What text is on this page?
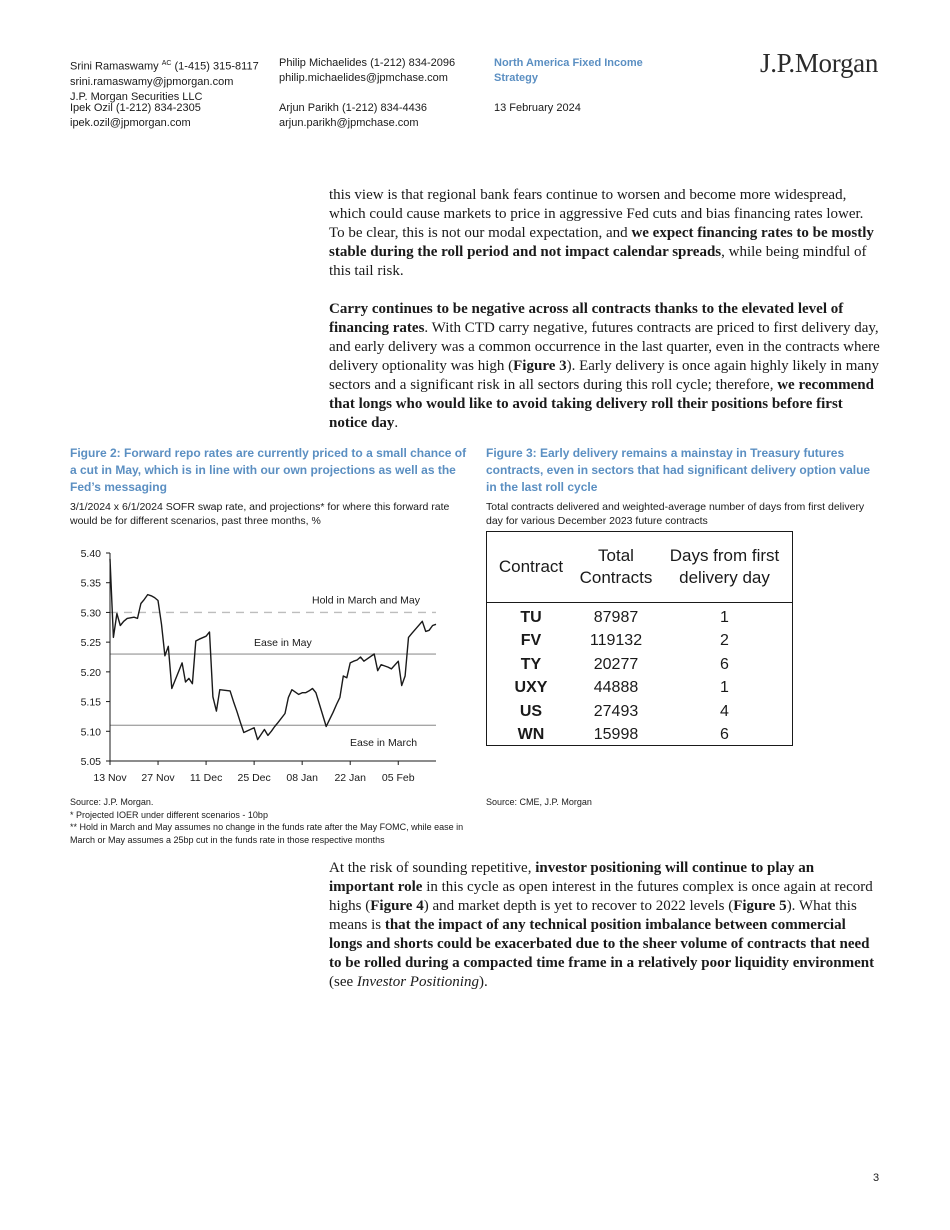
Srini Ramaswamy $^{AC}$ (1-415) 315-8117
srini.ramaswamy@jpmorgan.com
J.P. Morgan Securities LLC
Ipek Ozil (1-212) 834-2305
ipek.ozil@jpmorgan.com
Philip Michaelides (1-212) 834-2096
philip.michaelides@jpmchase.com
Arjun Parikh (1-212) 834-4436
arjun.parikh@jpmchase.com
North America Fixed Income
Strategy
13 February 2024
J.P.Morgan

this view is that regional bank fears continue to worsen and become more widespread, which could cause markets to price in aggressive Fed cuts and bias financing rates lower. To be clear, this is not our modal expectation, and we expect financing rates to be mostly stable during the roll period and not impact calendar spreads, while being mindful of this tail risk.

Carry continues to be negative across all contracts thanks to the elevated level of financing rates. With CTD carry negative, futures contracts are priced to first delivery day, and early delivery was a common occurrence in the last quarter, even in the contracts where delivery optionality was high (Figure 3). Early delivery is once again highly likely in many sectors and a significant risk in all sectors during this roll cycle; therefore, we recommend that longs who would like to avoid taking delivery roll their positions before first notice day.

Figure 2: Forward repo rates are currently priced to a small chance of a cut in May, which is in line with our own projections as well as the Fed’s messaging
3/1/2024 x 6/1/2024 SOFR swap rate, and projections* for where this forward rate would be for different scenarios, past three months, %
5.40
5.35
5.30
5.25
5.20
5.15
5.10
5.05
13 Nov 27 Nov 11 Dec 25 Dec 08 Jan 22 Jan 05 Feb
Hold in March and May
Ease in May
Ease in March
Source: J.P. Morgan.
* Projected IOER under different scenarios - 10bp
** Hold in March and May assumes no change in the funds rate after the May FOMC, while ease in March or May assumes a 25bp cut in the funds rate in those respective months
Figure 3: Early delivery remains a mainstay in Treasury futures contracts, even in sectors that had significant delivery option value in the last roll cycle
Total contracts delivered and weighted-average number of days from first delivery day for various December 2023 future contracts
Contract	Total Contracts	Days from first delivery day
TU	87987	1
FV	119132	2
TY	20277	6
UXY	44888	1
US	27493	4
WN	15998	6
Source: CME, J.P. Morgan

At the risk of sounding repetitive, investor positioning will continue to play an important role in this cycle as open interest in the futures complex is once again at record highs (Figure 4) and market depth is yet to recover to 2022 levels (Figure 5). What this means is that the impact of any technical position imbalance between commercial longs and shorts could be exacerbated due to the sheer volume of contracts that need to be rolled during a compacted time frame in a relatively poor liquidity environment (see Investor Positioning).

3
